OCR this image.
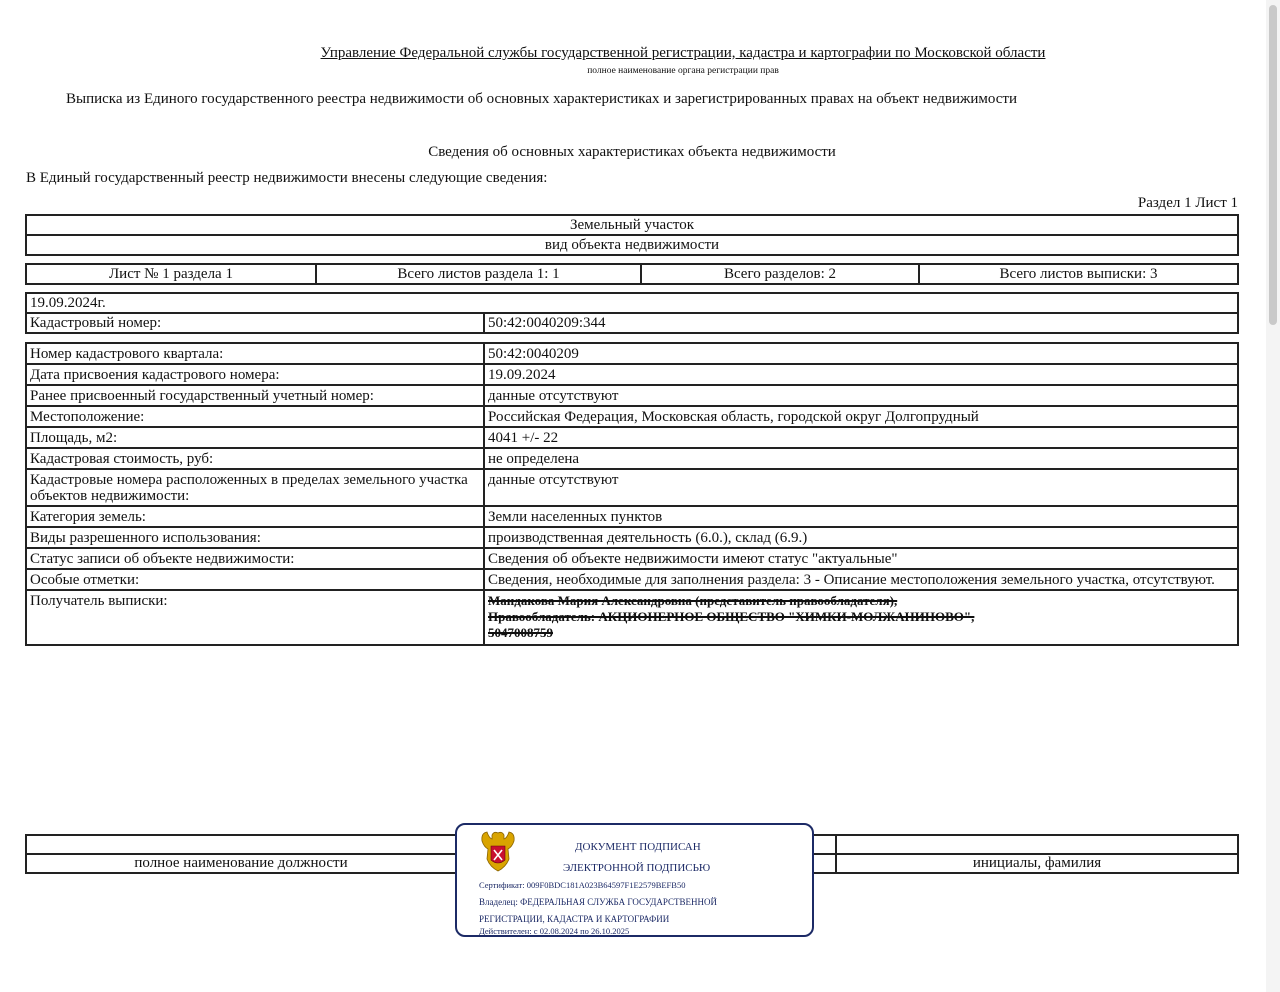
Управление Федеральной службы государственной регистрации, кадастра и картографии по Московской области
полное наименование органа регистрации прав
Выписка из Единого государственного реестра недвижимости об основных характеристиках и зарегистрированных правах на объект недвижимости
Сведения об основных характеристиках объекта недвижимости
В Единый государственный реестр недвижимости внесены следующие сведения:
Раздел 1 Лист 1
Земельный участок
вид объекта недвижимости
Лист № 1 раздела 1	Всего листов раздела 1: 1	Всего разделов: 2	Всего листов выписки: 3
19.09.2024г.
Кадастровый номер:	50:42:0040209:344
Номер кадастрового квартала:	50:42:0040209
Дата присвоения кадастрового номера:	19.09.2024
Ранее присвоенный государственный учетный номер:	данные отсутствуют
Местоположение:	Российская Федерация, Московская область, городской округ Долгопрудный
Площадь, м2:	4041 +/- 22
Кадастровая стоимость, руб:	не определена
Кадастровые номера расположенных в пределах земельного участка объектов недвижимости:	данные отсутствуют
Категория земель:	Земли населенных пунктов
Виды разрешенного использования:	производственная деятельность (6.0.), склад (6.9.)
Статус записи об объекте недвижимости:	Сведения об объекте недвижимости имеют статус "актуальные"
Особые отметки:	Сведения, необходимые для заполнения раздела: 3 - Описание местоположения земельного участка, отсутствуют.
Получатель выписки:	Мандакова Мария Александровна (представитель правообладателя),
Правообладатель: АКЦИОНЕРНОЕ ОБЩЕСТВО "ХИМКИ-МОЛЖАНИНОВО",
5047008759

полное наименование должности		инициалы, фамилия
ДОКУМЕНТ ПОДПИСАН
ЭЛЕКТРОННОЙ ПОДПИСЬЮ
Сертификат: 009F0BDC181A023B64597F1E2579BEFB50
Владелец: ФЕДЕРАЛЬНАЯ СЛУЖБА ГОСУДАРСТВЕННОЙ
РЕГИСТРАЦИИ, КАДАСТРА И КАРТОГРАФИИ
Действителен: с 02.08.2024 по 26.10.2025
